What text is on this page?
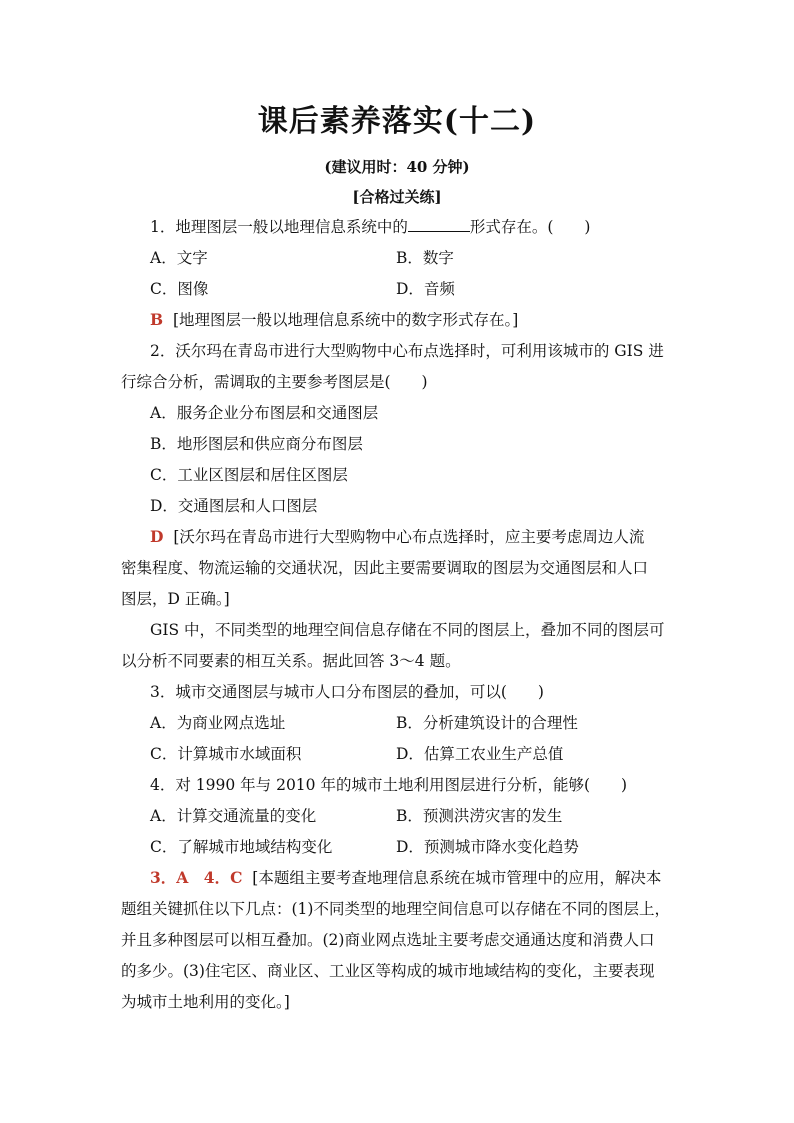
课后素养落实(十二)
(建议用时：40 分钟)
[合格过关练]
1．地理图层一般以地理信息系统中的	形式存在。(　　)
A．文字	B．数字
C．图像	D．音频
B [地理图层一般以地理信息系统中的数字形式存在。]
2．沃尔玛在青岛市进行大型购物中心布点选择时，可利用该城市的 GIS 进
行综合分析，需调取的主要参考图层是(　　)
A．服务企业分布图层和交通图层
B．地形图层和供应商分布图层
C．工业区图层和居住区图层
D．交通图层和人口图层
D [沃尔玛在青岛市进行大型购物中心布点选择时，应主要考虑周边人流
密集程度、物流运输的交通状况，因此主要需要调取的图层为交通图层和人口
图层，D 正确。]
GIS 中，不同类型的地理空间信息存储在不同的图层上，叠加不同的图层可
以分析不同要素的相互关系。据此回答 3～4 题。
3．城市交通图层与城市人口分布图层的叠加，可以(　　)
A．为商业网点选址	B．分析建筑设计的合理性
C．计算城市水域面积	D．估算工农业生产总值
4．对 1990 年与 2010 年的城市土地利用图层进行分析，能够(　　)
A．计算交通流量的变化	B．预测洪涝灾害的发生
C．了解城市地域结构变化	D．预测城市降水变化趋势
3．A　4．C [本题组主要考查地理信息系统在城市管理中的应用，解决本
题组关键抓住以下几点：(1)不同类型的地理空间信息可以存储在不同的图层上，
并且多种图层可以相互叠加。(2)商业网点选址主要考虑交通通达度和消费人口
的多少。(3)住宅区、商业区、工业区等构成的城市地域结构的变化，主要表现
为城市土地利用的变化。]
